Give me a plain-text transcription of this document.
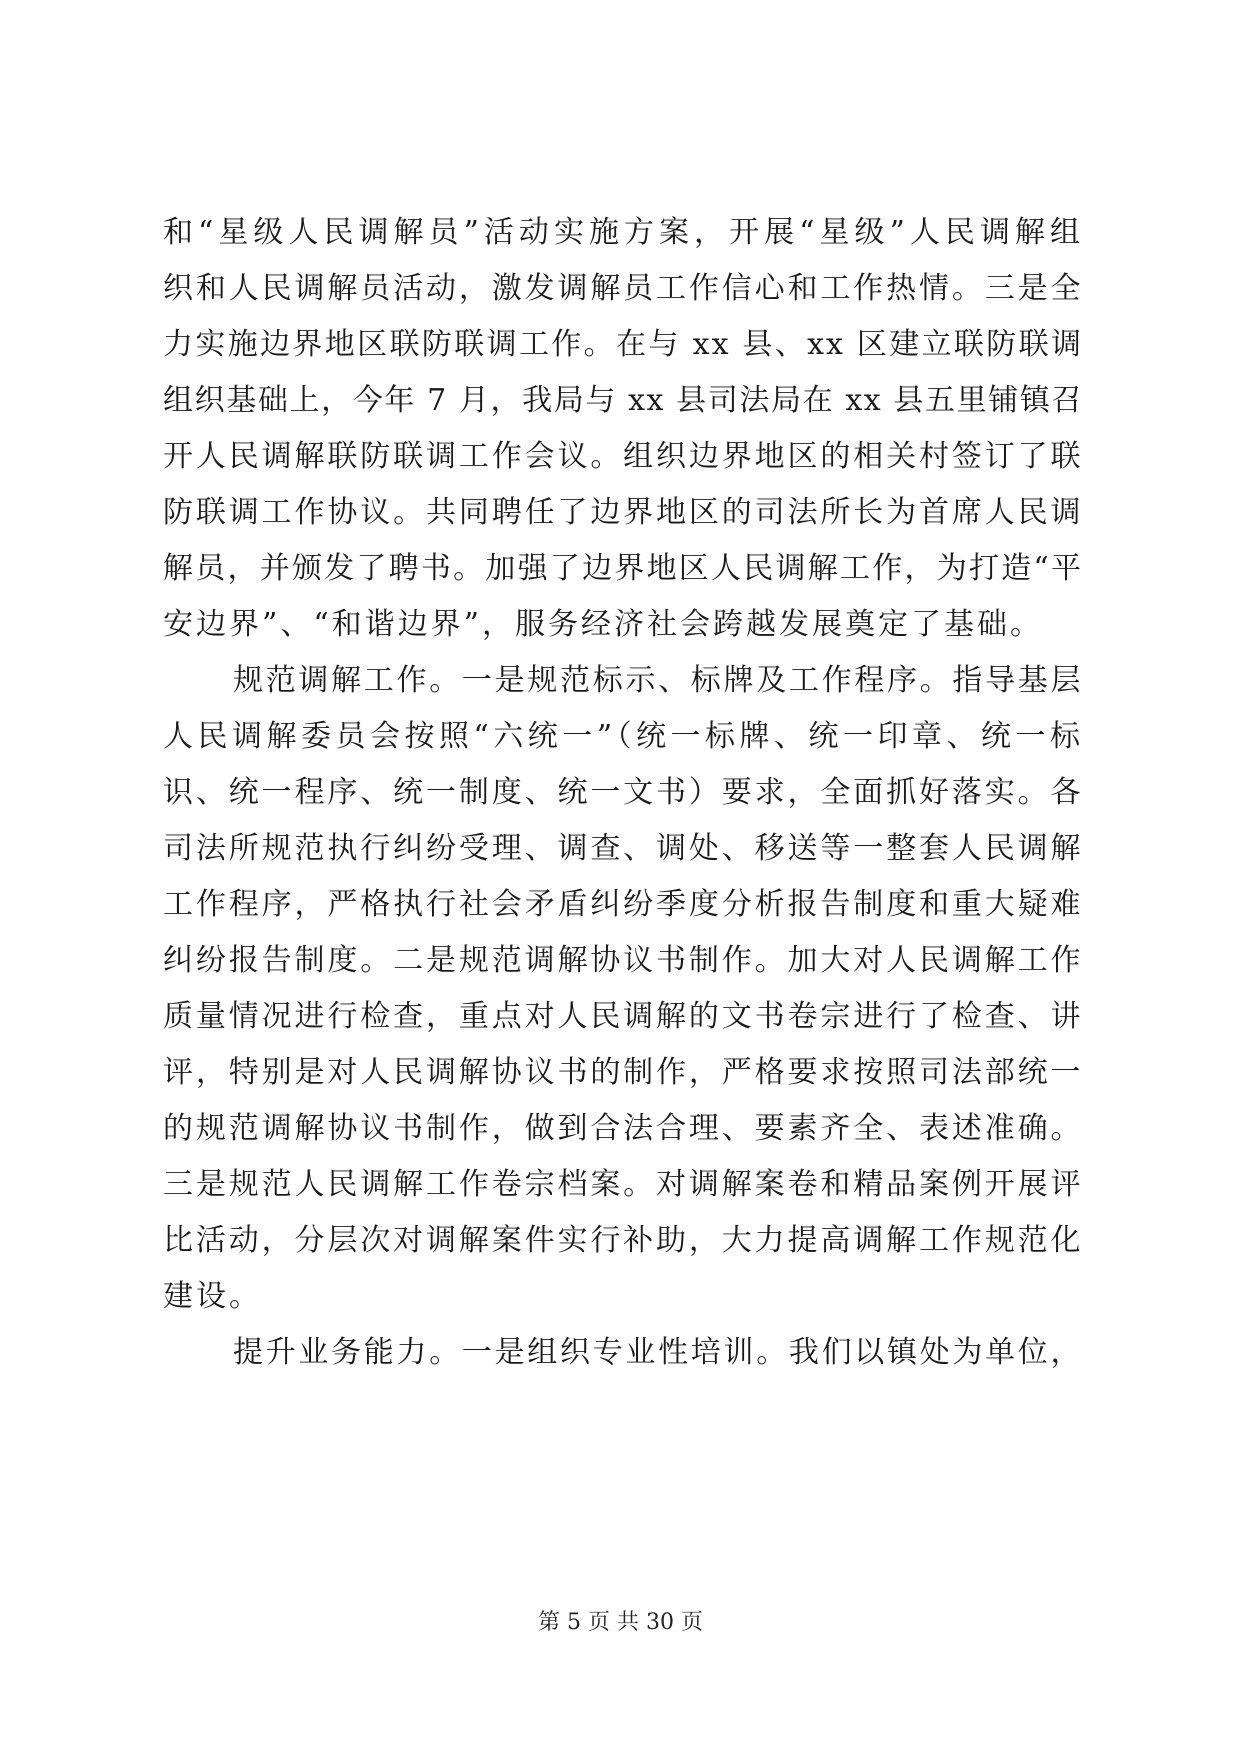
和“星级人民调解员”活动实施方案，开展“星级”人民调解组
织和人民调解员活动，激发调解员工作信心和工作热情。三是全
力实施边界地区联防联调工作。在与 xx 县、xx 区建立联防联调
组织基础上，今年 7 月，我局与 xx 县司法局在 xx 县五里铺镇召
开人民调解联防联调工作会议。组织边界地区的相关村签订了联
防联调工作协议。共同聘任了边界地区的司法所长为首席人民调
解员，并颁发了聘书。加强了边界地区人民调解工作，为打造“平
安边界”、“和谐边界”，服务经济社会跨越发展奠定了基础。
规范调解工作。一是规范标示、标牌及工作程序。指导基层
人民调解委员会按照“六统一”（统一标牌、统一印章、统一标
识、统一程序、统一制度、统一文书）要求，全面抓好落实。各
司法所规范执行纠纷受理、调查、调处、移送等一整套人民调解
工作程序，严格执行社会矛盾纠纷季度分析报告制度和重大疑难
纠纷报告制度。二是规范调解协议书制作。加大对人民调解工作
质量情况进行检查，重点对人民调解的文书卷宗进行了检查、讲
评，特别是对人民调解协议书的制作，严格要求按照司法部统一
的规范调解协议书制作，做到合法合理、要素齐全、表述准确。
三是规范人民调解工作卷宗档案。对调解案卷和精品案例开展评
比活动，分层次对调解案件实行补助，大力提高调解工作规范化
建设。
提升业务能力。一是组织专业性培训。我们以镇处为单位，
第 5 页 共 30 页
